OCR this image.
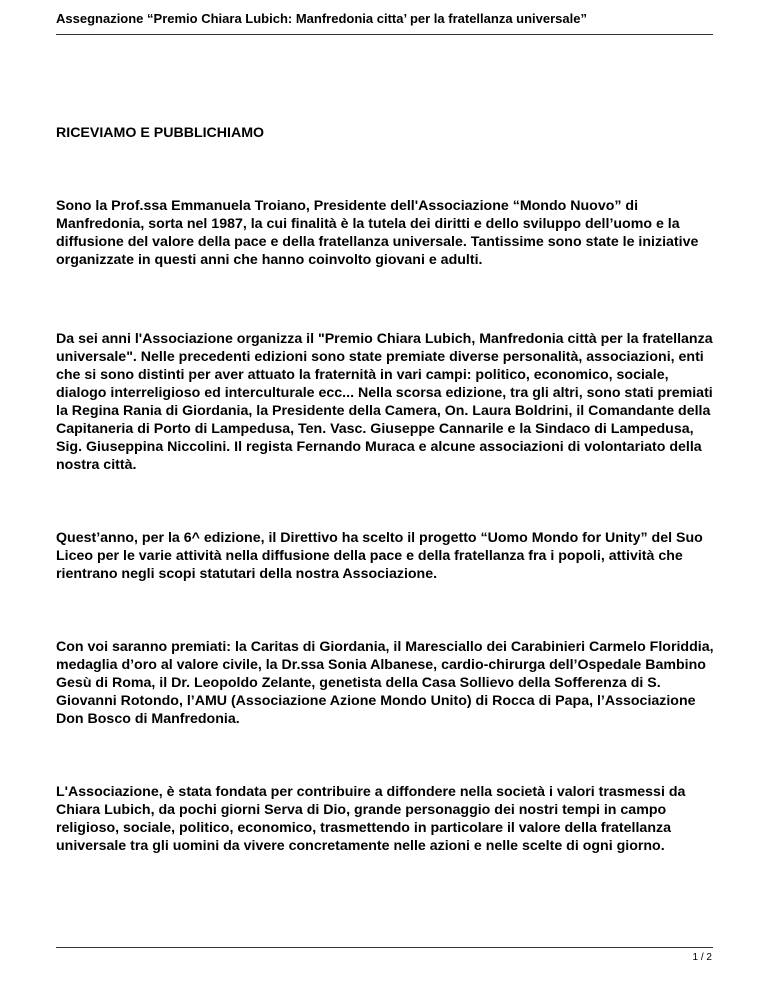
Assegnazione “Premio Chiara Lubich: Manfredonia citta’ per la fratellanza universale”

RICEVIAMO E PUBBLICHIAMO

Sono la Prof.ssa Emmanuela Troiano, Presidente dell'Associazione “Mondo Nuovo” di Manfredonia, sorta nel 1987, la cui finalità è la tutela dei diritti e dello sviluppo dell’uomo e la diffusione del valore della pace e della fratellanza universale. Tantissime sono state le iniziative organizzate in questi anni che hanno coinvolto giovani e adulti.

Da sei anni l'Associazione organizza il "Premio Chiara Lubich, Manfredonia città per la fratellanza universale". Nelle precedenti edizioni sono state premiate diverse personalità, associazioni, enti che si sono distinti per aver attuato la fraternità in vari campi: politico, economico, sociale, dialogo interreligioso ed interculturale ecc... Nella scorsa edizione, tra gli altri, sono stati premiati la Regina Rania di Giordania, la Presidente della Camera, On. Laura Boldrini, il Comandante della Capitaneria di Porto di Lampedusa, Ten. Vasc. Giuseppe Cannarile e la Sindaco di Lampedusa, Sig. Giuseppina Niccolini. Il regista Fernando Muraca e alcune associazioni di volontariato della nostra città.

Quest’anno, per la 6^ edizione, il Direttivo ha scelto il progetto “Uomo Mondo for Unity” del Suo Liceo per le varie attività nella diffusione della pace e della fratellanza fra i popoli, attività che rientrano negli scopi statutari della nostra Associazione.

Con voi saranno premiati: la Caritas di Giordania, il Maresciallo dei Carabinieri Carmelo Floriddia, medaglia d’oro al valore civile, la Dr.ssa Sonia Albanese, cardio-chirurga dell’Ospedale Bambino Gesù di Roma, il Dr. Leopoldo Zelante, genetista della Casa Sollievo della Sofferenza di S. Giovanni Rotondo, l’AMU (Associazione Azione Mondo Unito) di Rocca di Papa, l’Associazione Don Bosco di Manfredonia.

L'Associazione, è stata fondata per contribuire a diffondere nella società i valori trasmessi da Chiara Lubich, da pochi giorni Serva di Dio, grande personaggio dei nostri tempi in campo religioso, sociale, politico, economico, trasmettendo in particolare il valore della fratellanza universale tra gli uomini da vivere concretamente nelle azioni e nelle scelte di ogni giorno.

1 / 2
